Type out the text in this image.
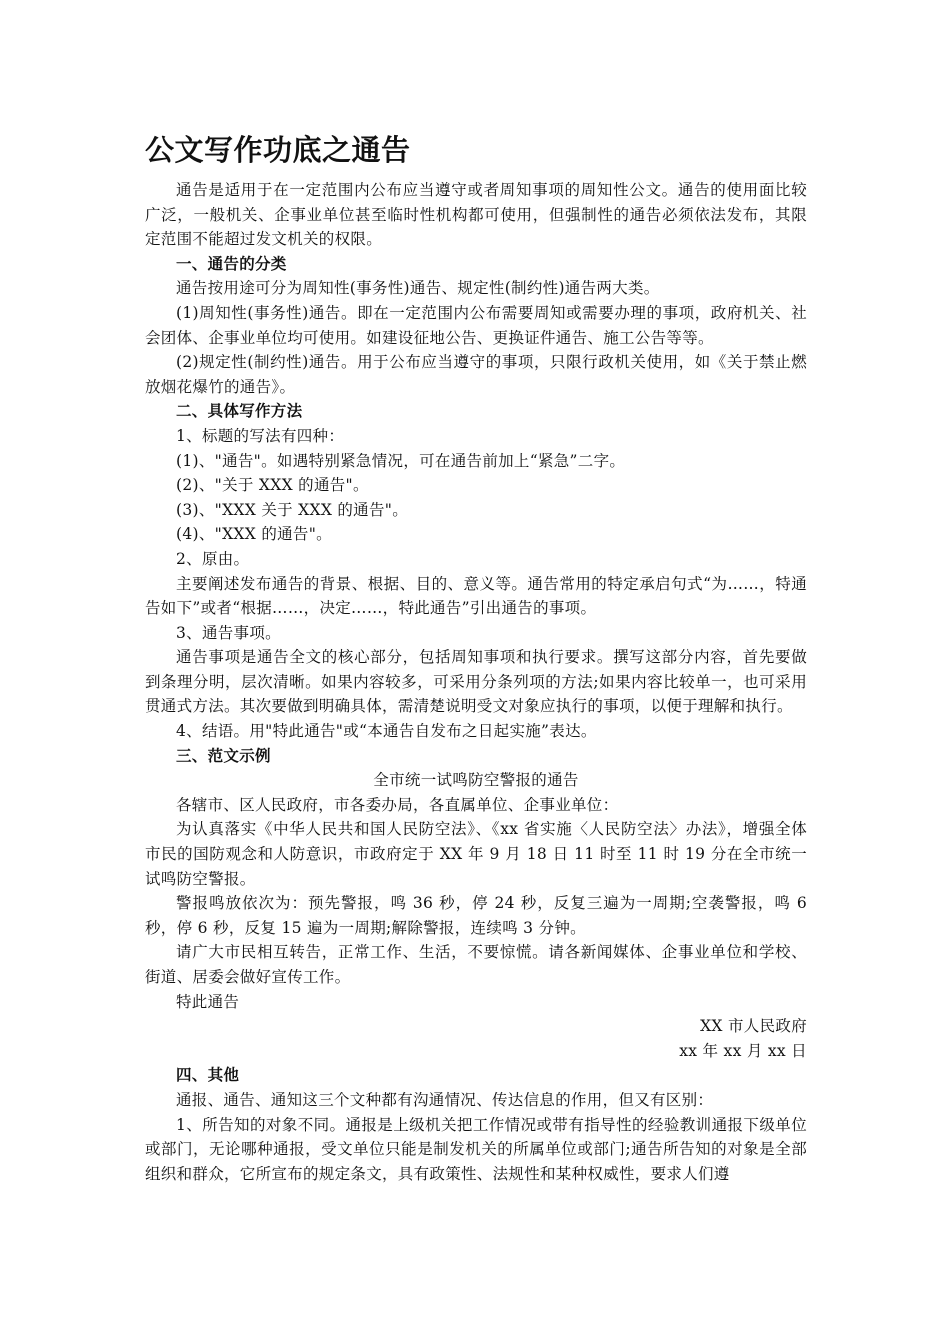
公文写作功底之通告

通告是适用于在一定范围内公布应当遵守或者周知事项的周知性公文。通告的使用面比较广泛，一般机关、企事业单位甚至临时性机构都可使用，但强制性的通告必须依法发布，其限定范围不能超过发文机关的权限。

一、通告的分类

通告按用途可分为周知性(事务性)通告、规定性(制约性)通告两大类。

(1)周知性(事务性)通告。即在一定范围内公布需要周知或需要办理的事项，政府机关、社会团体、企事业单位均可使用。如建设征地公告、更换证件通告、施工公告等等。

(2)规定性(制约性)通告。用于公布应当遵守的事项，只限行政机关使用，如《关于禁止燃放烟花爆竹的通告》。

二、具体写作方法

1、标题的写法有四种：

(1)、"通告"。如遇特别紧急情况，可在通告前加上“紧急”二字。

(2)、"关于 XXX 的通告"。

(3)、"XXX 关于 XXX 的通告"。

(4)、"XXX 的通告"。

2、原由。

主要阐述发布通告的背景、根据、目的、意义等。通告常用的特定承启句式“为……，特通告如下”或者“根据……，决定……，特此通告”引出通告的事项。

3、通告事项。

通告事项是通告全文的核心部分，包括周知事项和执行要求。撰写这部分内容，首先要做到条理分明，层次清晰。如果内容较多，可采用分条列项的方法;如果内容比较单一，也可采用贯通式方法。其次要做到明确具体，需清楚说明受文对象应执行的事项，以便于理解和执行。

4、结语。用"特此通告"或“本通告自发布之日起实施”表达。

三、范文示例

全市统一试鸣防空警报的通告

各辖市、区人民政府，市各委办局，各直属单位、企事业单位：

为认真落实《中华人民共和国人民防空法》、《xx 省实施〈人民防空法〉办法》，增强全体市民的国防观念和人防意识，市政府定于 XX 年 9 月 18 日 11 时至 11 时 19 分在全市统一试鸣防空警报。

警报鸣放依次为：预先警报，鸣 36 秒，停 24 秒，反复三遍为一周期;空袭警报，鸣 6 秒，停 6 秒，反复 15 遍为一周期;解除警报，连续鸣 3 分钟。

请广大市民相互转告，正常工作、生活，不要惊慌。请各新闻媒体、企事业单位和学校、街道、居委会做好宣传工作。

特此通告

XX 市人民政府

xx 年 xx 月 xx 日

四、其他

通报、通告、通知这三个文种都有沟通情况、传达信息的作用，但又有区别：

1、所告知的对象不同。通报是上级机关把工作情况或带有指导性的经验教训通报下级单位或部门，无论哪种通报，受文单位只能是制发机关的所属单位或部门;通告所告知的对象是全部组织和群众，它所宣布的规定条文，具有政策性、法规性和某种权威性，要求人们遵
